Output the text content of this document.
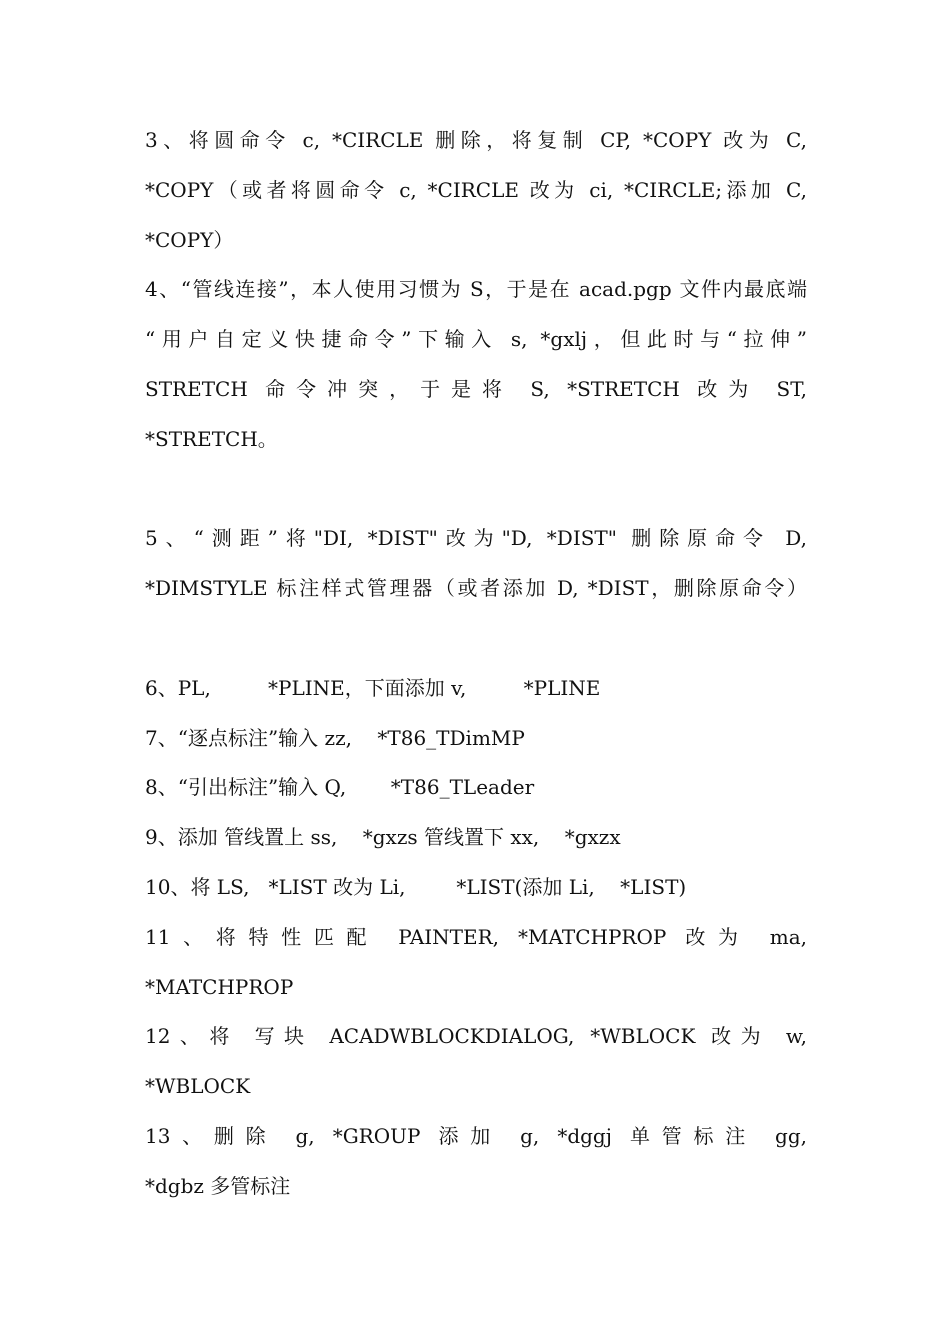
3、将圆命令 c, *CIRCLE 删除，将复制 CP, *COPY 改为 C,
*COPY（或者将圆命令 c, *CIRCLE 改为 ci, *CIRCLE;添加 C,
*COPY）
4、“管线连接”，本人使用习惯为 S，于是在 acad.pgp 文件内最底端
“用户自定义快捷命令”下输入 s, *gxlj，但此时与“拉伸”
STRETCH 命令冲突，于是将 S, *STRETCH 改为 ST,
*STRETCH。
5、“测距”将"DI, *DIST"改为"D, *DIST" 删除原命令 D,
*DIMSTYLE 标注样式管理器（或者添加 D, *DIST，删除原命令）
6、PL,         *PLINE，下面添加 v,         *PLINE
7、“逐点标注”输入 zz,    *T86_TDimMP
8、“引出标注”输入 Q,       *T86_TLeader
9、添加 管线置上 ss,    *gxzs 管线置下 xx,    *gxzx
10、将 LS,   *LIST 改为 Li,        *LIST(添加 Li,    *LIST)
11、将特性匹配 PAINTER, *MATCHPROP 改为 ma,
*MATCHPROP
12、将 写块 ACADWBLOCKDIALOG, *WBLOCK 改为 w,
*WBLOCK
13、删除 g, *GROUP 添加 g, *dggj 单管标注 gg,
*dgbz 多管标注
